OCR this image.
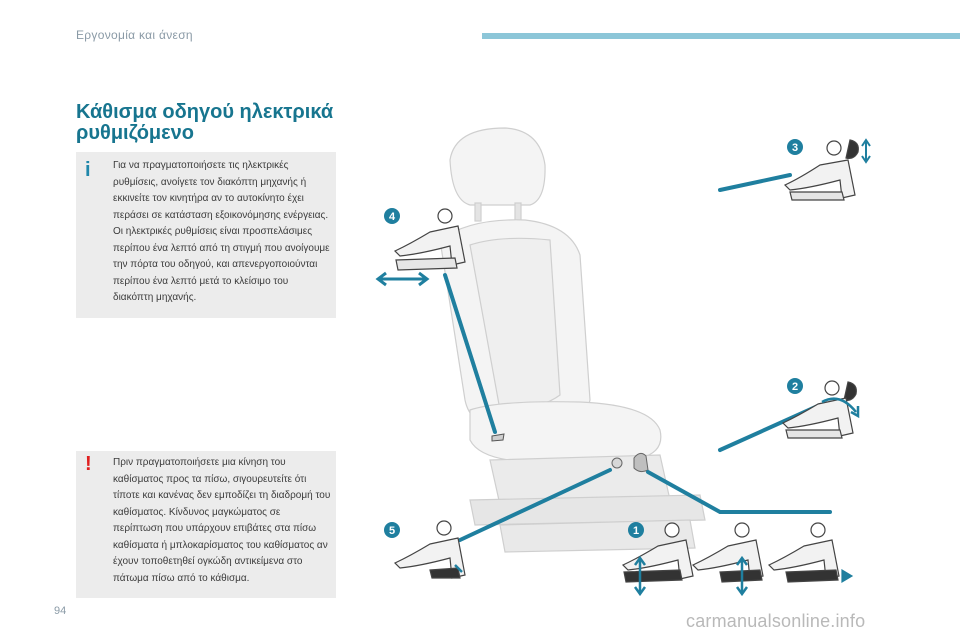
Εργονομία και άνεση
Κάθισμα οδηγού ηλεκτρικά ρυθμιζόμενο
i Για να πραγματοποιήσετε τις ηλεκτρικές ρυθμίσεις, ανοίγετε τον διακόπτη μηχανής ή εκκινείτε τον κινητήρα αν το αυτοκίνητο έχει περάσει σε κατάσταση εξοικονόμησης ενέργειας. Οι ηλεκτρικές ρυθμίσεις είναι προσπελάσιμες περίπου ένα λεπτό από τη στιγμή που ανοίγουμε την πόρτα του οδηγού, και απενεργοποιούνται περίπου ένα λεπτό μετά το κλείσιμο του διακόπτη μηχανής.
! Πριν πραγματοποιήσετε μια κίνηση του καθίσματος προς τα πίσω, σιγουρευτείτε ότι τίποτε και κανένας δεν εμποδίζει τη διαδρομή του καθίσματος. Κίνδυνος μαγκώματος σε περίπτωση που υπάρχουν επιβάτες στα πίσω καθίσματα ή μπλοκαρίσματος του καθίσματος αν έχουν τοποθετηθεί ογκώδη αντικείμενα στο πάτωμα πίσω από το κάθισμα.
3
4
2
5	1
94	carmanualsonline.info
